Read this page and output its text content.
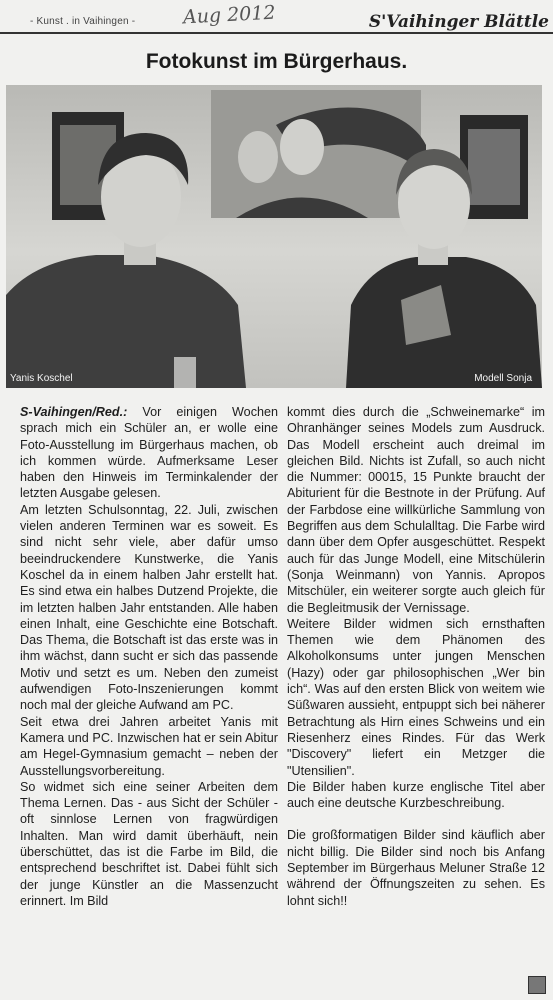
- Kunst . in Vaihingen - Aug 2012	S'Vaihinger Blättle
Fotokunst im Bürgerhaus.
Yanis Koschel	Modell Sonja

S-Vaihingen/Red.: Vor einigen Wochen sprach mich ein Schüler an, er wolle eine Foto-Ausstellung im Bürgerhaus machen, ob ich kommen würde. Aufmerksame Leser haben den Hinweis im Terminkalender der letzten Ausgabe gelesen.

Am letzten Schulsonntag, 22. Juli, zwischen vielen anderen Terminen war es soweit. Es sind nicht sehr viele, aber dafür umso beeindruckendere Kunstwerke, die Yanis Koschel da in einem halben Jahr erstellt hat. Es sind etwa ein halbes Dutzend Projekte, die im letzten halben Jahr entstanden. Alle haben einen Inhalt, eine Geschichte eine Botschaft. Das Thema, die Botschaft ist das erste was in ihm wächst, dann sucht er sich das passende Motiv und setzt es um. Neben den zumeist aufwendigen Foto-Inszenierungen kommt noch mal der gleiche Aufwand am PC.

Seit etwa drei Jahren arbeitet Yanis mit Kamera und PC. Inzwischen hat er sein Abitur am Hegel-Gymnasium gemacht – neben der Ausstellungsvorbereitung.

So widmet sich eine seiner Arbeiten dem Thema Lernen. Das - aus Sicht der Schüler - oft sinnlose Lernen von fragwürdigen Inhalten. Man wird damit überhäuft, nein überschüttet, das ist die Farbe im Bild, die entsprechend beschriftet ist. Dabei fühlt sich der junge Künstler an die Massenzucht erinnert. Im Bild

kommt dies durch die „Schweinemarke“ im Ohranhänger seines Models zum Ausdruck. Das Modell erscheint auch dreimal im gleichen Bild. Nichts ist Zufall, so auch nicht die Nummer: 00015, 15 Punkte braucht der Abiturient für die Bestnote in der Prüfung. Auf der Farbdose eine willkürliche Sammlung von Begriffen aus dem Schulalltag. Die Farbe wird dann über dem Opfer ausgeschüttet. Respekt auch für das Junge Modell, eine Mitschülerin (Sonja Weinmann) von Yannis. Apropos Mitschüler, ein weiterer sorgte auch gleich für die Begleitmusik der Vernissage.

Weitere Bilder widmen sich ernsthaften Themen wie dem Phänomen des Alkoholkonsums unter jungen Menschen (Hazy) oder gar philosophischen „Wer bin ich“. Was auf den ersten Blick von weitem wie Süßwaren aussieht, entpuppt sich bei näherer Betrachtung als Hirn eines Schweins und ein Riesenherz eines Rindes. Für das Werk "Discovery" liefert ein Metzger die "Utensilien".

Die Bilder haben kurze englische Titel aber auch eine deutsche Kurzbeschreibung.

Die großformatigen Bilder sind käuflich aber nicht billig. Die Bilder sind noch bis Anfang September im Bürgerhaus Meluner Straße 12 während der Öffnungszeiten zu sehen. Es lohnt sich!!
